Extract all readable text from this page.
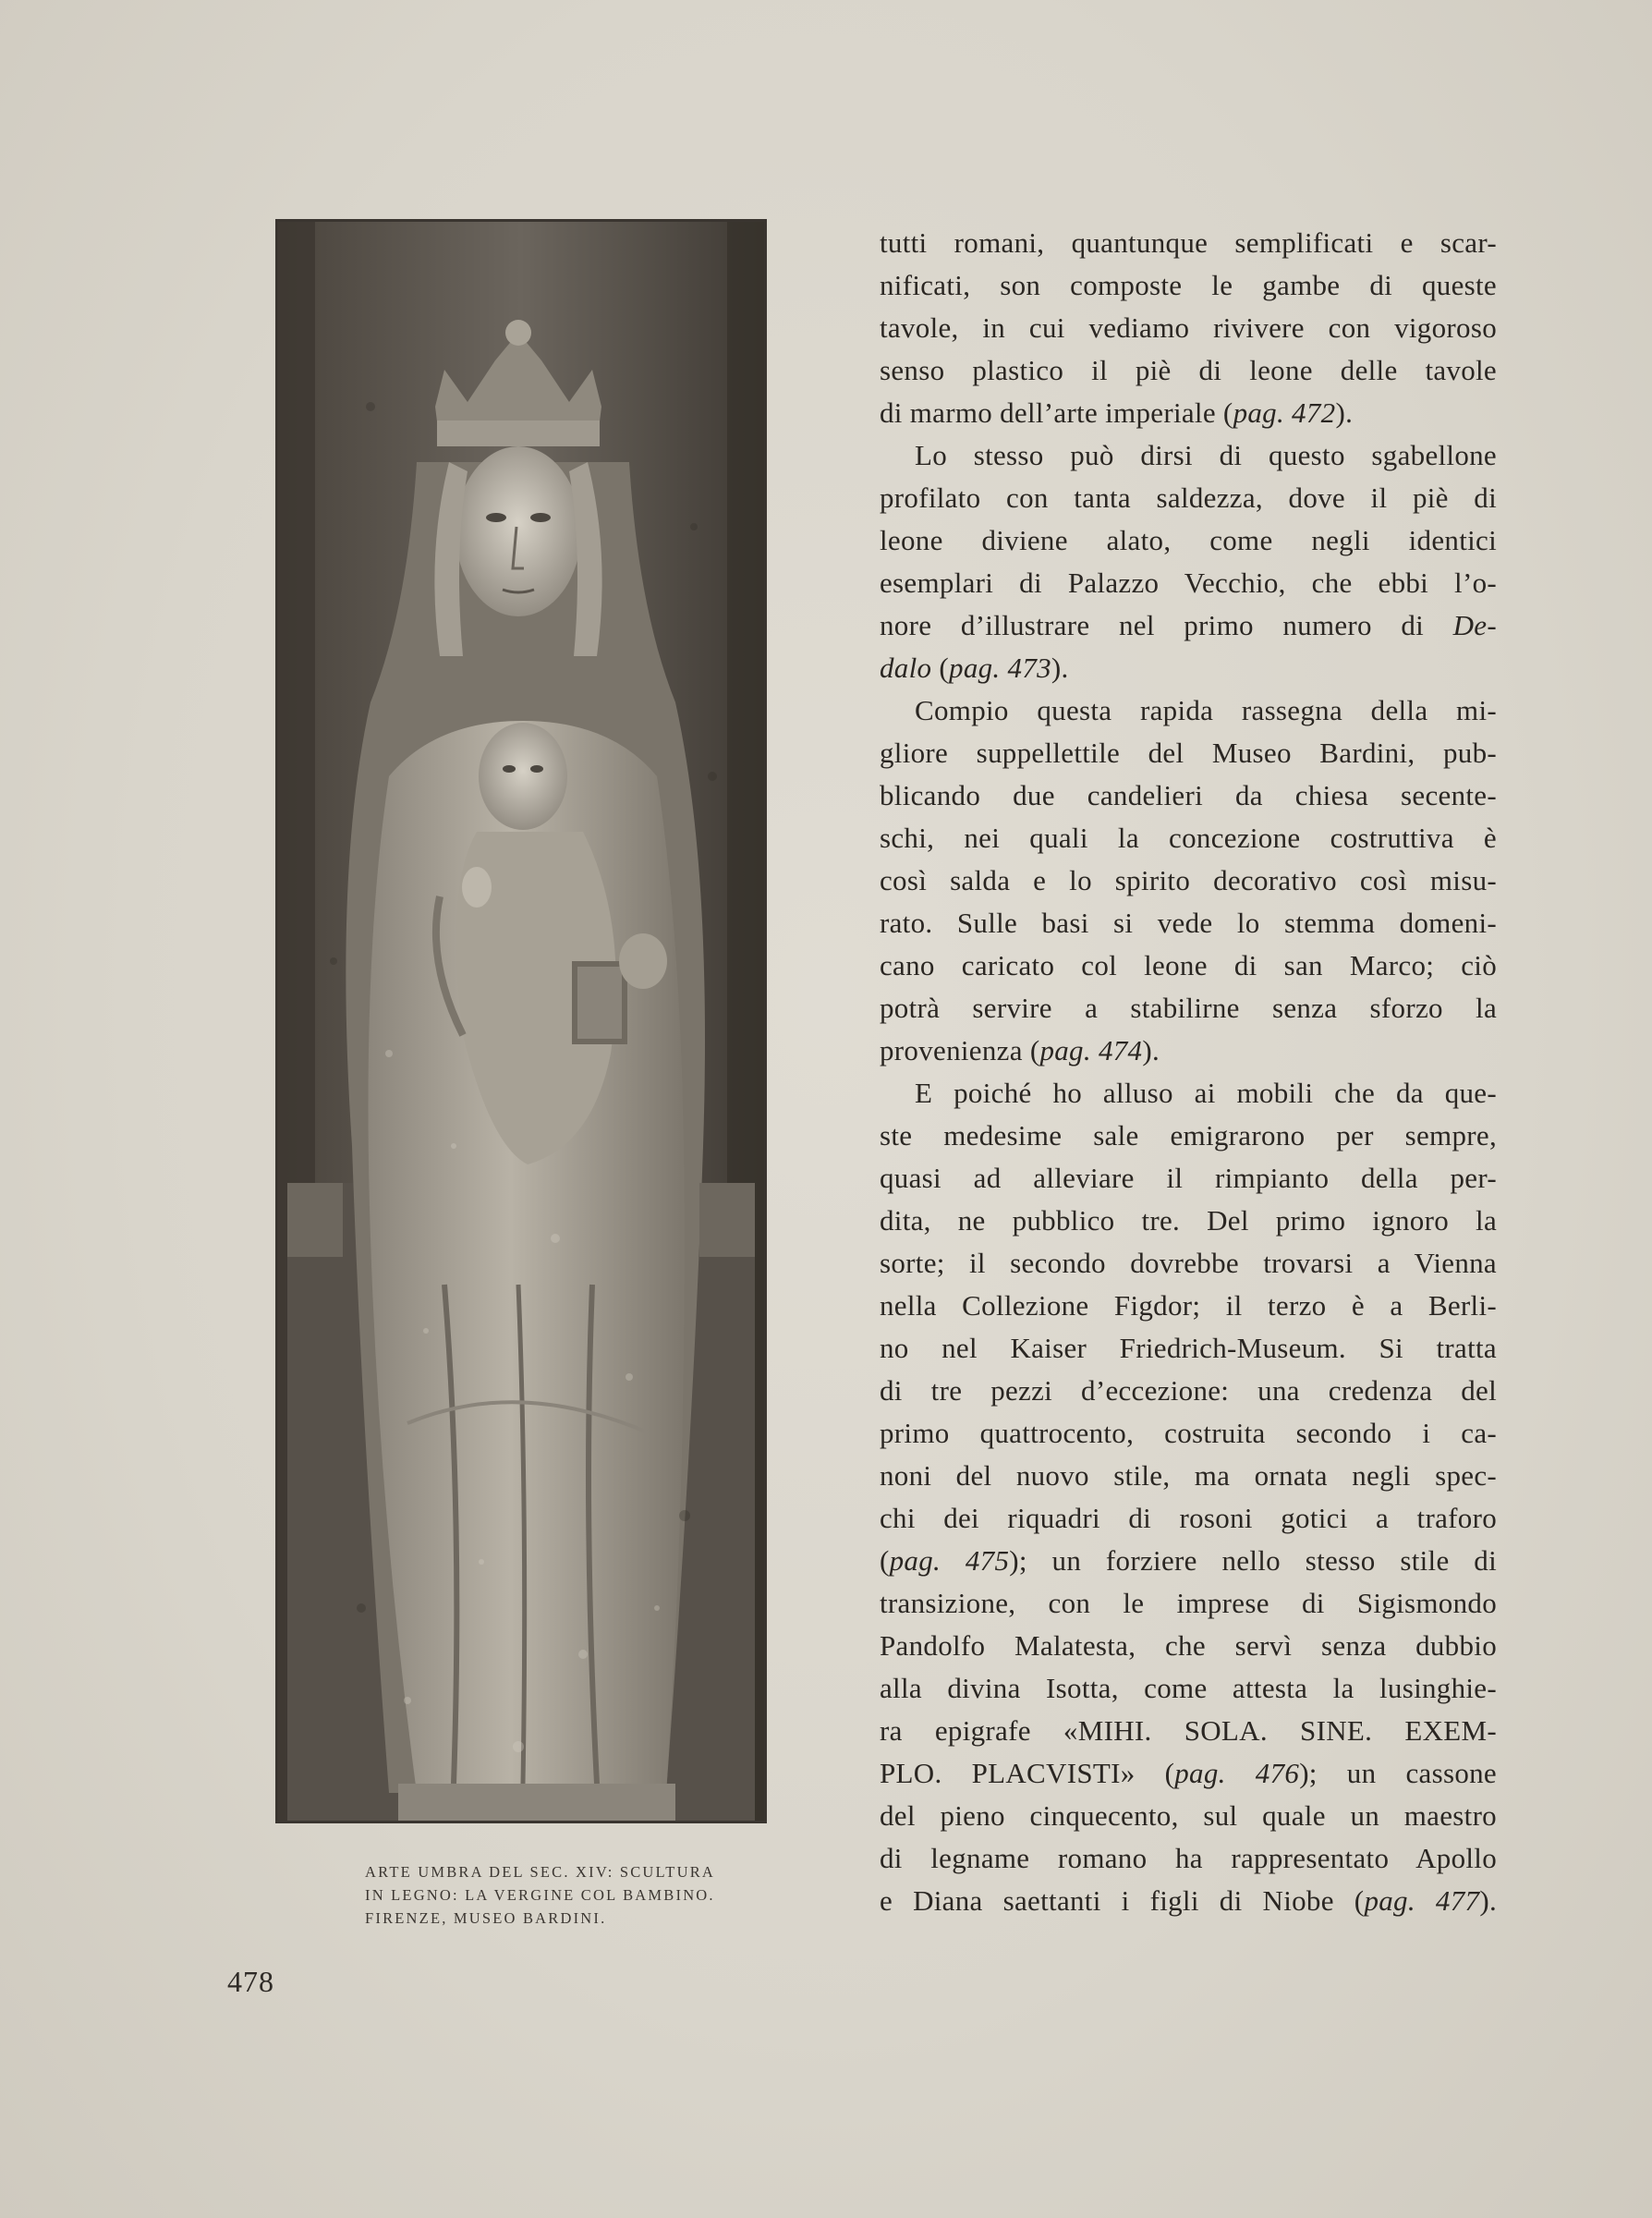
ARTE UMBRA DEL SEC. XIV: SCULTURA
IN LEGNO: LA VERGINE COL BAMBINO.
FIRENZE, MUSEO BARDINI.
478
tutti romani, quantunque semplificati e scar-
nificati, son composte le gambe di queste
tavole, in cui vediamo rivivere con vigoroso
senso plastico il piè di leone delle tavole
di marmo dell’arte imperiale (pag. 472).
Lo stesso può dirsi di questo sgabellone
profilato con tanta saldezza, dove il piè di
leone diviene alato, come negli identici
esemplari di Palazzo Vecchio, che ebbi l’o-
nore d’illustrare nel primo numero di De-
dalo (pag. 473).
Compio questa rapida rassegna della mi-
gliore suppellettile del Museo Bardini, pub-
blicando due candelieri da chiesa secente-
schi, nei quali la concezione costruttiva è
così salda e lo spirito decorativo così misu-
rato. Sulle basi si vede lo stemma domeni-
cano caricato col leone di san Marco; ciò
potrà servire a stabilirne senza sforzo la
provenienza (pag. 474).
E poiché ho alluso ai mobili che da que-
ste medesime sale emigrarono per sempre,
quasi ad alleviare il rimpianto della per-
dita, ne pubblico tre. Del primo ignoro la
sorte; il secondo dovrebbe trovarsi a Vienna
nella Collezione Figdor; il terzo è a Berli-
no nel Kaiser Friedrich-Museum. Si tratta
di tre pezzi d’eccezione: una credenza del
primo quattrocento, costruita secondo i ca-
noni del nuovo stile, ma ornata negli spec-
chi dei riquadri di rosoni gotici a traforo
(pag. 475); un forziere nello stesso stile di
transizione, con le imprese di Sigismondo
Pandolfo Malatesta, che servì senza dubbio
alla divina Isotta, come attesta la lusinghie-
ra epigrafe «MIHI. SOLA. SINE. EXEM-
PLO. PLACVISTI» (pag. 476); un cassone
del pieno cinquecento, sul quale un maestro
di legname romano ha rappresentato Apollo
e Diana saettanti i figli di Niobe (pag. 477).
